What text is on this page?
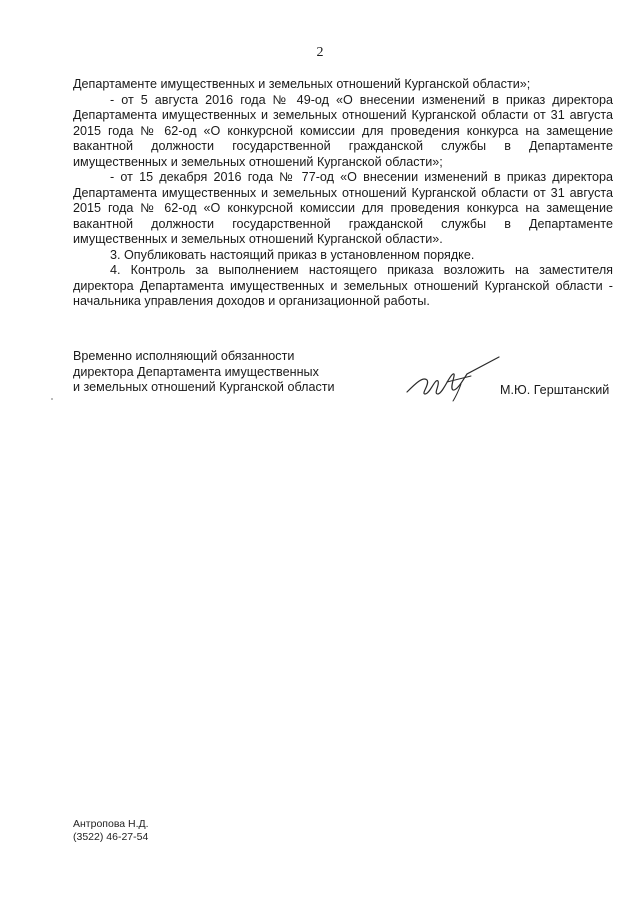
2

Департаменте имущественных и земельных отношений Курганской области»;

- от 5 августа 2016 года № 49-од «О внесении изменений в приказ директора Департамента имущественных и земельных отношений Курганской области от 31 августа 2015 года № 62-од «О конкурсной комиссии для проведения конкурса на замещение вакантной должности государственной гражданской службы в Департаменте имущественных и земельных отношений Курганской области»;

- от 15 декабря 2016 года № 77-од «О внесении изменений в приказ директора Департамента имущественных и земельных отношений Курганской области от 31 августа 2015 года № 62-од «О конкурсной комиссии для проведения конкурса на замещение вакантной должности государственной гражданской службы в Департаменте имущественных и земельных отношений Курганской области».

3. Опубликовать настоящий приказ в установленном порядке.

4. Контроль за выполнением настоящего приказа возложить на заместителя директора Департамента имущественных и земельных отношений Курганской области - начальника управления доходов и организационной работы.

Временно исполняющий обязанности
директора Департамента имущественных
и земельных отношений Курганской области	М.Ю. Герштанский
Антропова Н.Д.
(3522) 46-27-54
